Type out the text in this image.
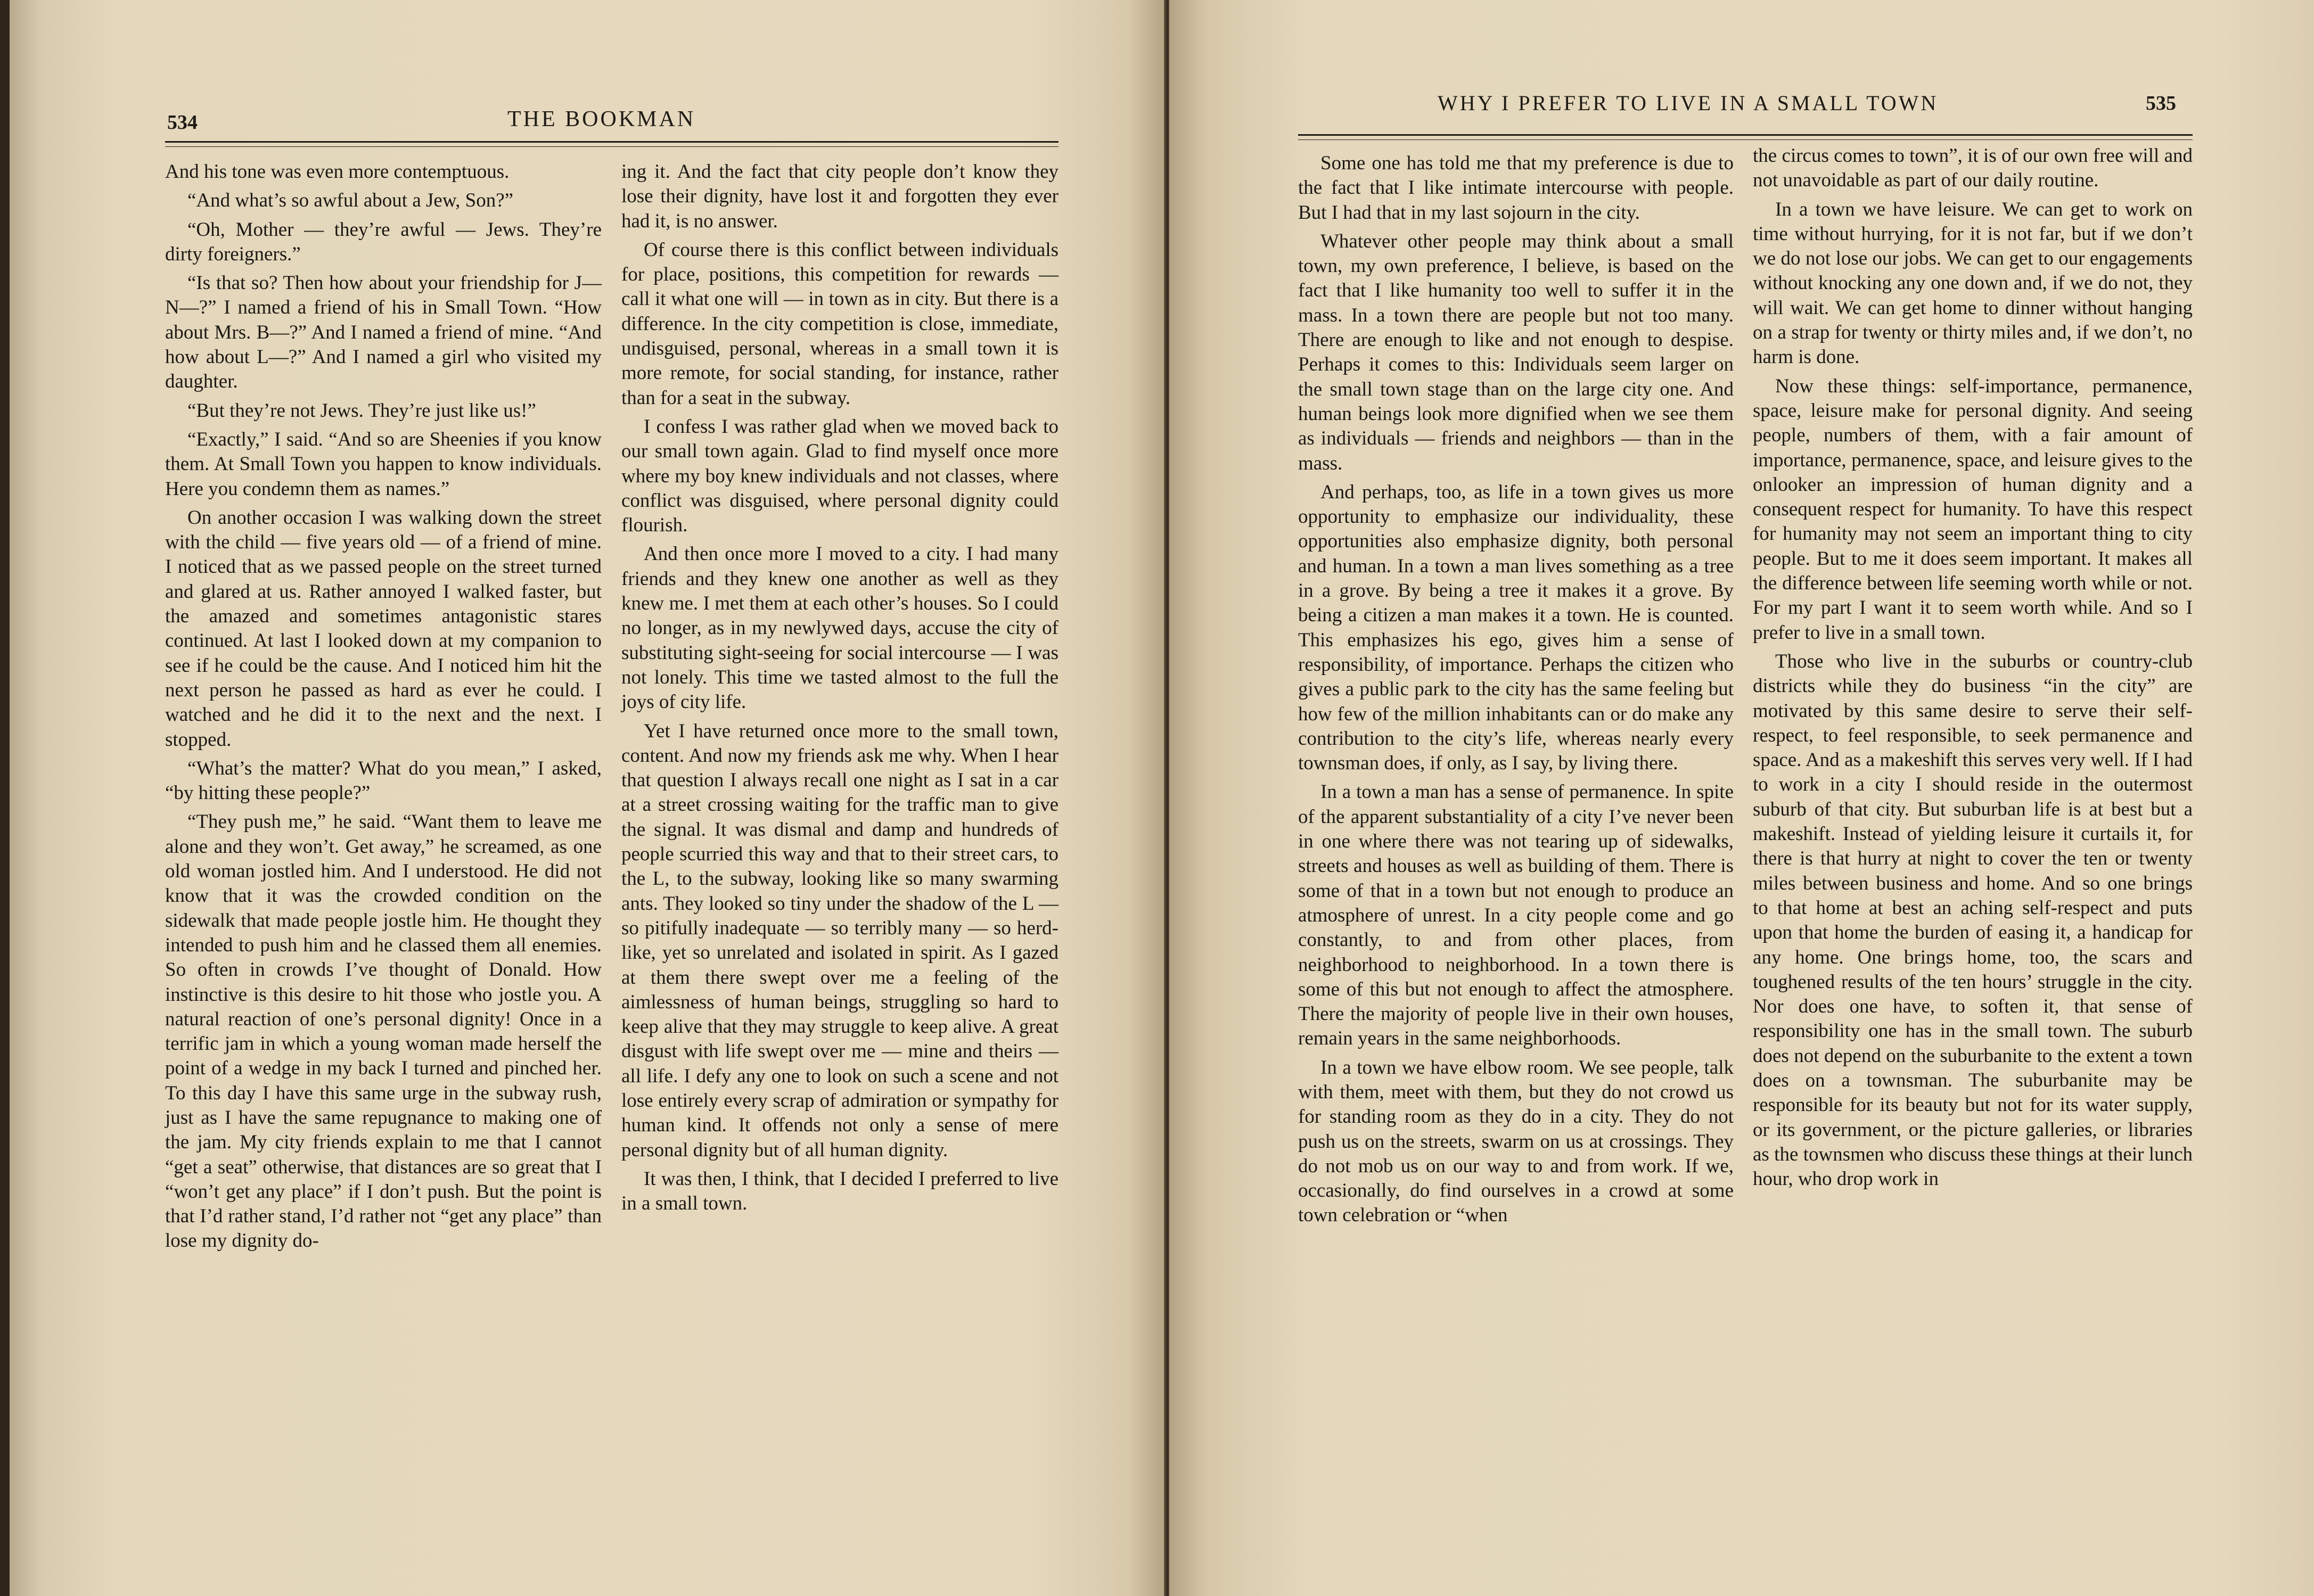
534	THE BOOKMAN

And his tone was even more contemptuous.

“And what’s so awful about a Jew, Son?”

“Oh, Mother — they’re awful — Jews. They’re dirty foreigners.”

“Is that so? Then how about your friendship for J— N—?” I named a friend of his in Small Town. “How about Mrs. B—?” And I named a friend of mine. “And how about L—?” And I named a girl who visited my daughter.

“But they’re not Jews. They’re just like us!”

“Exactly,” I said. “And so are Sheenies if you know them. At Small Town you happen to know individuals. Here you condemn them as names.”

On another occasion I was walking down the street with the child — five years old — of a friend of mine. I noticed that as we passed people on the street turned and glared at us. Rather annoyed I walked faster, but the amazed and sometimes antagonistic stares continued. At last I looked down at my companion to see if he could be the cause. And I noticed him hit the next person he passed as hard as ever he could. I watched and he did it to the next and the next. I stopped.

“What’s the matter? What do you mean,” I asked, “by hitting these people?”

“They push me,” he said. “Want them to leave me alone and they won’t. Get away,” he screamed, as one old woman jostled him. And I understood. He did not know that it was the crowded condition on the sidewalk that made people jostle him. He thought they intended to push him and he classed them all enemies. So often in crowds I’ve thought of Donald. How instinctive is this desire to hit those who jostle you. A natural reaction of one’s personal dignity! Once in a terrific jam in which a young woman made herself the point of a wedge in my back I turned and pinched her. To this day I have this same urge in the subway rush, just as I have the same repugnance to making one of the jam. My city friends explain to me that I cannot “get a seat” otherwise, that distances are so great that I “won’t get any place” if I don’t push. But the point is that I’d rather stand, I’d rather not “get any place” than lose my dignity do-

ing it. And the fact that city people don’t know they lose their dignity, have lost it and forgotten they ever had it, is no answer.

Of course there is this conflict between individuals for place, positions, this competition for rewards — call it what one will — in town as in city. But there is a difference. In the city competition is close, immediate, undisguised, personal, whereas in a small town it is more remote, for social standing, for instance, rather than for a seat in the subway.

I confess I was rather glad when we moved back to our small town again. Glad to find myself once more where my boy knew individuals and not classes, where conflict was disguised, where personal dignity could flourish.

And then once more I moved to a city. I had many friends and they knew one another as well as they knew me. I met them at each other’s houses. So I could no longer, as in my newlywed days, accuse the city of substituting sight-seeing for social intercourse — I was not lonely. This time we tasted almost to the full the joys of city life.

Yet I have returned once more to the small town, content. And now my friends ask me why. When I hear that question I always recall one night as I sat in a car at a street crossing waiting for the traffic man to give the signal. It was dismal and damp and hundreds of people scurried this way and that to their street cars, to the L, to the subway, looking like so many swarming ants. They looked so tiny under the shadow of the L — so pitifully inadequate — so terribly many — so herd-like, yet so unrelated and isolated in spirit. As I gazed at them there swept over me a feeling of the aimlessness of human beings, struggling so hard to keep alive that they may struggle to keep alive. A great disgust with life swept over me — mine and theirs — all life. I defy any one to look on such a scene and not lose entirely every scrap of admiration or sympathy for human kind. It offends not only a sense of mere personal dignity but of all human dignity.

It was then, I think, that I decided I preferred to live in a small town.

WHY I PREFER TO LIVE IN A SMALL TOWN	535

Some one has told me that my preference is due to the fact that I like intimate intercourse with people. But I had that in my last sojourn in the city.

Whatever other people may think about a small town, my own preference, I believe, is based on the fact that I like humanity too well to suffer it in the mass. In a town there are people but not too many. There are enough to like and not enough to despise. Perhaps it comes to this: Individuals seem larger on the small town stage than on the large city one. And human beings look more dignified when we see them as individuals — friends and neighbors — than in the mass.

And perhaps, too, as life in a town gives us more opportunity to emphasize our individuality, these opportunities also emphasize dignity, both personal and human. In a town a man lives something as a tree in a grove. By being a tree it makes it a grove. By being a citizen a man makes it a town. He is counted. This emphasizes his ego, gives him a sense of responsibility, of importance. Perhaps the citizen who gives a public park to the city has the same feeling but how few of the million inhabitants can or do make any contribution to the city’s life, whereas nearly every townsman does, if only, as I say, by living there.

In a town a man has a sense of permanence. In spite of the apparent substantiality of a city I’ve never been in one where there was not tearing up of sidewalks, streets and houses as well as building of them. There is some of that in a town but not enough to produce an atmosphere of unrest. In a city people come and go constantly, to and from other places, from neighborhood to neighborhood. In a town there is some of this but not enough to affect the atmosphere. There the majority of people live in their own houses, remain years in the same neighborhoods.

In a town we have elbow room. We see people, talk with them, meet with them, but they do not crowd us for standing room as they do in a city. They do not push us on the streets, swarm on us at crossings. They do not mob us on our way to and from work. If we, occasionally, do find ourselves in a crowd at some town celebration or “when

the circus comes to town”, it is of our own free will and not unavoidable as part of our daily routine.

In a town we have leisure. We can get to work on time without hurrying, for it is not far, but if we don’t we do not lose our jobs. We can get to our engagements without knocking any one down and, if we do not, they will wait. We can get home to dinner without hanging on a strap for twenty or thirty miles and, if we don’t, no harm is done.

Now these things: self-importance, permanence, space, leisure make for personal dignity. And seeing people, numbers of them, with a fair amount of importance, permanence, space, and leisure gives to the onlooker an impression of human dignity and a consequent respect for humanity. To have this respect for humanity may not seem an important thing to city people. But to me it does seem important. It makes all the difference between life seeming worth while or not. For my part I want it to seem worth while. And so I prefer to live in a small town.

Those who live in the suburbs or country-club districts while they do business “in the city” are motivated by this same desire to serve their self-respect, to feel responsible, to seek permanence and space. And as a makeshift this serves very well. If I had to work in a city I should reside in the outermost suburb of that city. But suburban life is at best but a makeshift. Instead of yielding leisure it curtails it, for there is that hurry at night to cover the ten or twenty miles between business and home. And so one brings to that home at best an aching self-respect and puts upon that home the burden of easing it, a handicap for any home. One brings home, too, the scars and toughened results of the ten hours’ struggle in the city. Nor does one have, to soften it, that sense of responsibility one has in the small town. The suburb does not depend on the suburbanite to the extent a town does on a townsman. The suburbanite may be responsible for its beauty but not for its water supply, or its government, or the picture galleries, or libraries as the townsmen who discuss these things at their lunch hour, who drop work in
